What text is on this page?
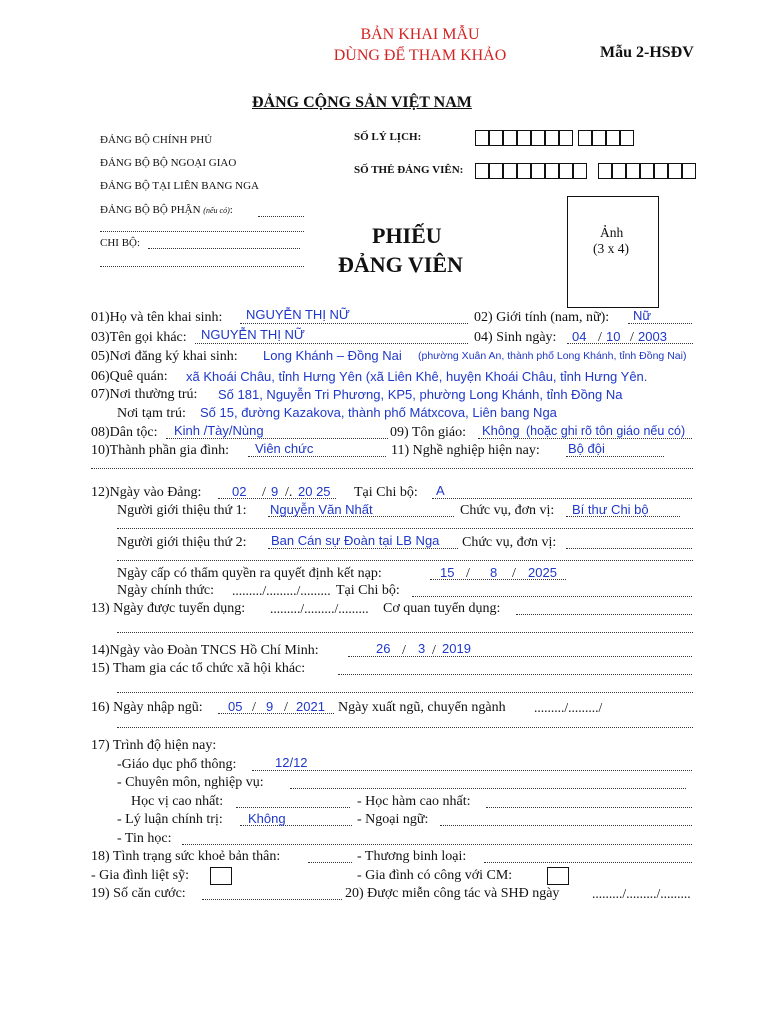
BẢN KHAI MẪU
DÙNG ĐỂ THAM KHẢO	Mẫu 2-HSĐV
ĐẢNG CỘNG SẢN VIỆT NAM
ĐẢNG BỘ CHÍNH PHỦ
ĐẢNG BỘ BỘ NGOẠI GIAO
ĐẢNG BỘ TẠI LIÊN BANG NGA
ĐẢNG BỘ BỘ PHẬN (nếu có):
CHI BỘ:
SỐ LÝ LỊCH:
SỐ THẺ ĐẢNG VIÊN:
PHIẾU
ĐẢNG VIÊN
Ảnh
(3 x 4)
01)Họ và tên khai sinh: NGUYỄN THỊ NỮ	02) Giới tính (nam, nữ): Nữ
03)Tên gọi khác: NGUYỄN THỊ NỮ	04) Sinh ngày: 04 / 10 / 2003
05)Nơi đăng ký khai sinh: Long Khánh – Đồng Nai (phường Xuân An, thành phố Long Khánh, tỉnh Đồng Nai)
06)Quê quán: xã Khoái Châu, tỉnh Hưng Yên (xã Liên Khê, huyện Khoái Châu, tỉnh Hưng Yên.
07)Nơi thường trú: Số 181, Nguyễn Tri Phương, KP5, phường Long Khánh, tỉnh Đồng Na
Nơi tạm trú: Số 15, đường Kazakova, thành phố Mátxcova, Liên bang Nga
08)Dân tộc: Kinh /Tày/Nùng	09) Tôn giáo: Không (hoặc ghi rõ tôn giáo nếu có)
10)Thành phần gia đình: Viên chức	11) Nghề nghiệp hiện nay: Bộ đội
12)Ngày vào Đảng: 02 / 9 /. 20 25 Tại Chi bộ: A
Người giới thiệu thứ 1: Nguyễn Văn Nhất	Chức vụ, đơn vị: Bí thư Chi bộ
Người giới thiệu thứ 2: Ban Cán sự Đoàn tại LB Nga Chức vụ, đơn vị:
Ngày cấp có thẩm quyền ra quyết định kết nạp:	15 / 8 / 2025
Ngày chính thức: ........./........./......... Tại Chi bộ:
13) Ngày được tuyển dụng: ........./........./......... Cơ quan tuyển dụng:
14)Ngày vào Đoàn TNCS Hồ Chí Minh:	26 / 3 / 2019
15) Tham gia các tổ chức xã hội khác:
16) Ngày nhập ngũ: 05 / 9 / 2021 Ngày xuất ngũ, chuyển ngành ........./........./
17) Trình độ hiện nay:
-Giáo dục phổ thông:	12/12
- Chuyên môn, nghiệp vụ:
Học vị cao nhất:	- Học hàm cao nhất:
- Lý luận chính trị: Không	- Ngoại ngữ:
- Tin học:
18) Tình trạng sức khoẻ bản thân:	- Thương binh loại:
- Gia đình liệt sỹ:	- Gia đình có công với CM:
19) Số căn cước:	20) Được miễn công tác và SHĐ ngày ........./........./.........
